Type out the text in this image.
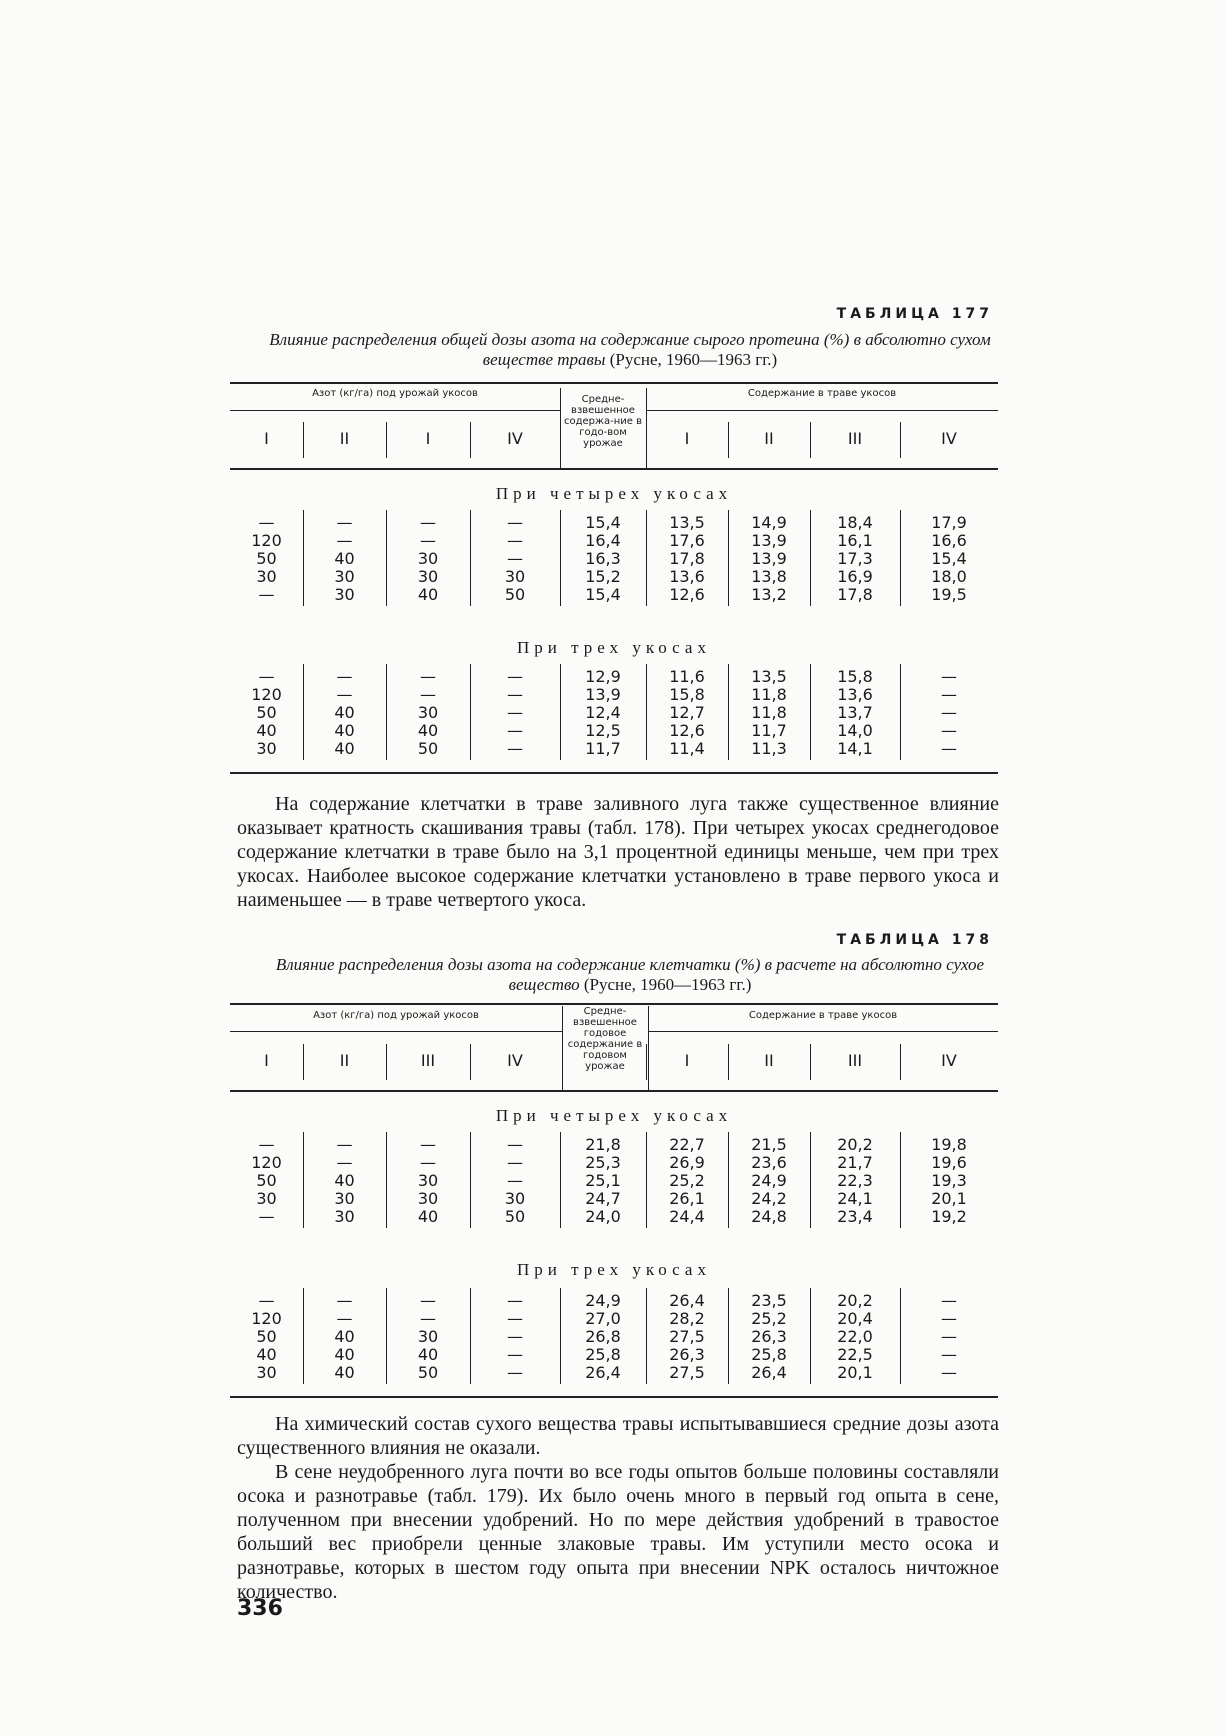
ТАБЛИЦА 177
Влияние распределения общей дозы азота на содержание сырого протеина (%) в абсолютно сухом веществе травы (Русне, 1960—1963 гг.)
Азот (кг/га) под урожай укосов
Средне-взвешенное содержа-ние в годо-вом урожае
Содержание в траве укосов
I	II	I	IV	I	II	III	IV
При четырех укосах
—	—	—	—	15,4	13,5	14,9	18,4	17,9
120	—	—	—	16,4	17,6	13,9	16,1	16,6
50	40	30	—	16,3	17,8	13,9	17,3	15,4
30	30	30	30	15,2	13,6	13,8	16,9	18,0
—	30	40	50	15,4	12,6	13,2	17,8	19,5
При трех укосах
—	—	—	—	12,9	11,6	13,5	15,8	—
120	—	—	—	13,9	15,8	11,8	13,6	—
50	40	30	—	12,4	12,7	11,8	13,7	—
40	40	40	—	12,5	12,6	11,7	14,0	—
30	40	50	—	11,7	11,4	11,3	14,1	—
На содержание клетчатки в траве заливного луга также существенное влияние оказывает кратность скашивания травы (табл. 178). При четырех укосах среднегодовое содержание клетчатки в траве было на 3,1 процентной единицы меньше, чем при трех укосах. Наиболее высокое содержание клетчатки установлено в траве первого укоса и наименьшее — в траве четвертого укоса.
ТАБЛИЦА 178
Влияние распределения дозы азота на содержание клетчатки (%) в расчете на абсолютно сухое вещество (Русне, 1960—1963 гг.)
Азот (кг/га) под урожай укосов	Средне-взвешенное годовое содержание в годовом урожае
Содержание в траве укосов
I	II	III	IV	I	II	III	IV
При четырех укосах
—	—	—	—	21,8	22,7	21,5	20,2	19,8
120	—	—	—	25,3	26,9	23,6	21,7	19,6
50	40	30	—	25,1	25,2	24,9	22,3	19,3
30	30	30	30	24,7	26,1	24,2	24,1	20,1
—	30	40	50	24,0	24,4	24,8	23,4	19,2
При трех укосах
—	—	—	—	24,9	26,4	23,5	20,2	—
120	—	—	—	27,0	28,2	25,2	20,4	—
50	40	30	—	26,8	27,5	26,3	22,0	—
40	40	40	—	25,8	26,3	25,8	22,5	—
30	40	50	—	26,4	27,5	26,4	20,1	—
На химический состав сухого вещества травы испытывавшиеся средние дозы азота существенного влияния не оказали.
В сене неудобренного луга почти во все годы опытов больше половины составляли осока и разнотравье (табл. 179). Их было очень много в первый год опыта в сене, полученном при внесении удобрений. Но по мере действия удобрений в травостое больший вес приобрели ценные злаковые травы. Им уступили место осока и разнотравье, которых в шестом году опыта при внесении NPK осталось ничтожное количество.
336
